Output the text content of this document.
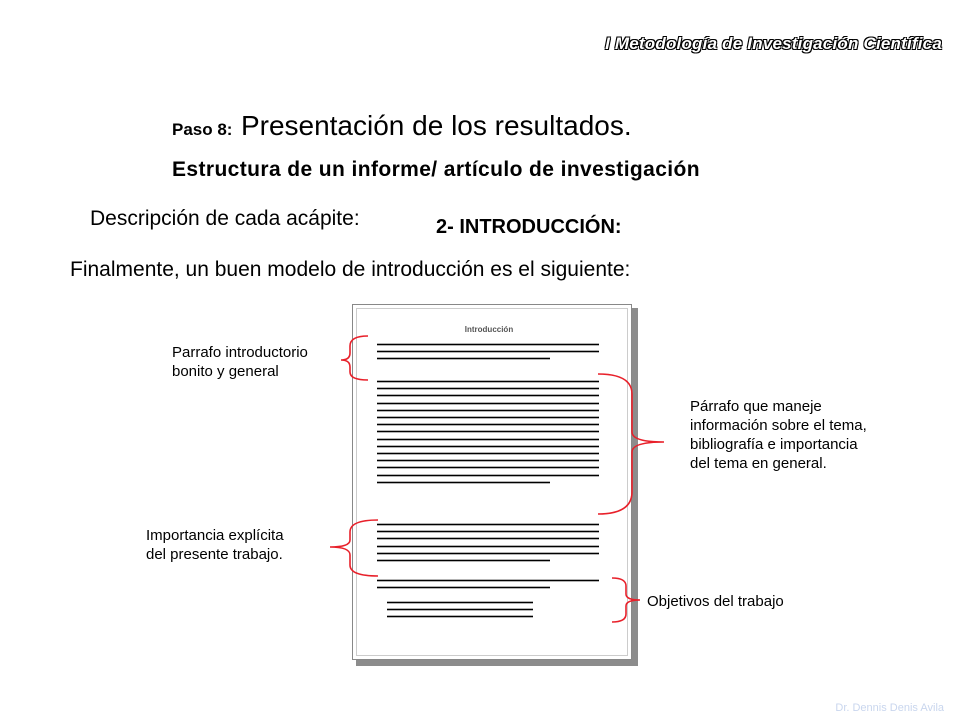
I Metodología de Investigación Científica
Paso 8: Presentación de los resultados.
Estructura de un informe/ artículo de investigación
Descripción de cada acápite:	2- INTRODUCCIÓN:
Finalmente, un buen modelo de introducción es el siguiente:
Introducción
Parrafo introductorio
bonito y general
Párrafo que maneje
información sobre el tema,
bibliografía e importancia
del tema en general.
Importancia explícita
del presente trabajo.
Objetivos del trabajo
Dr. Dennis Denis Avila
